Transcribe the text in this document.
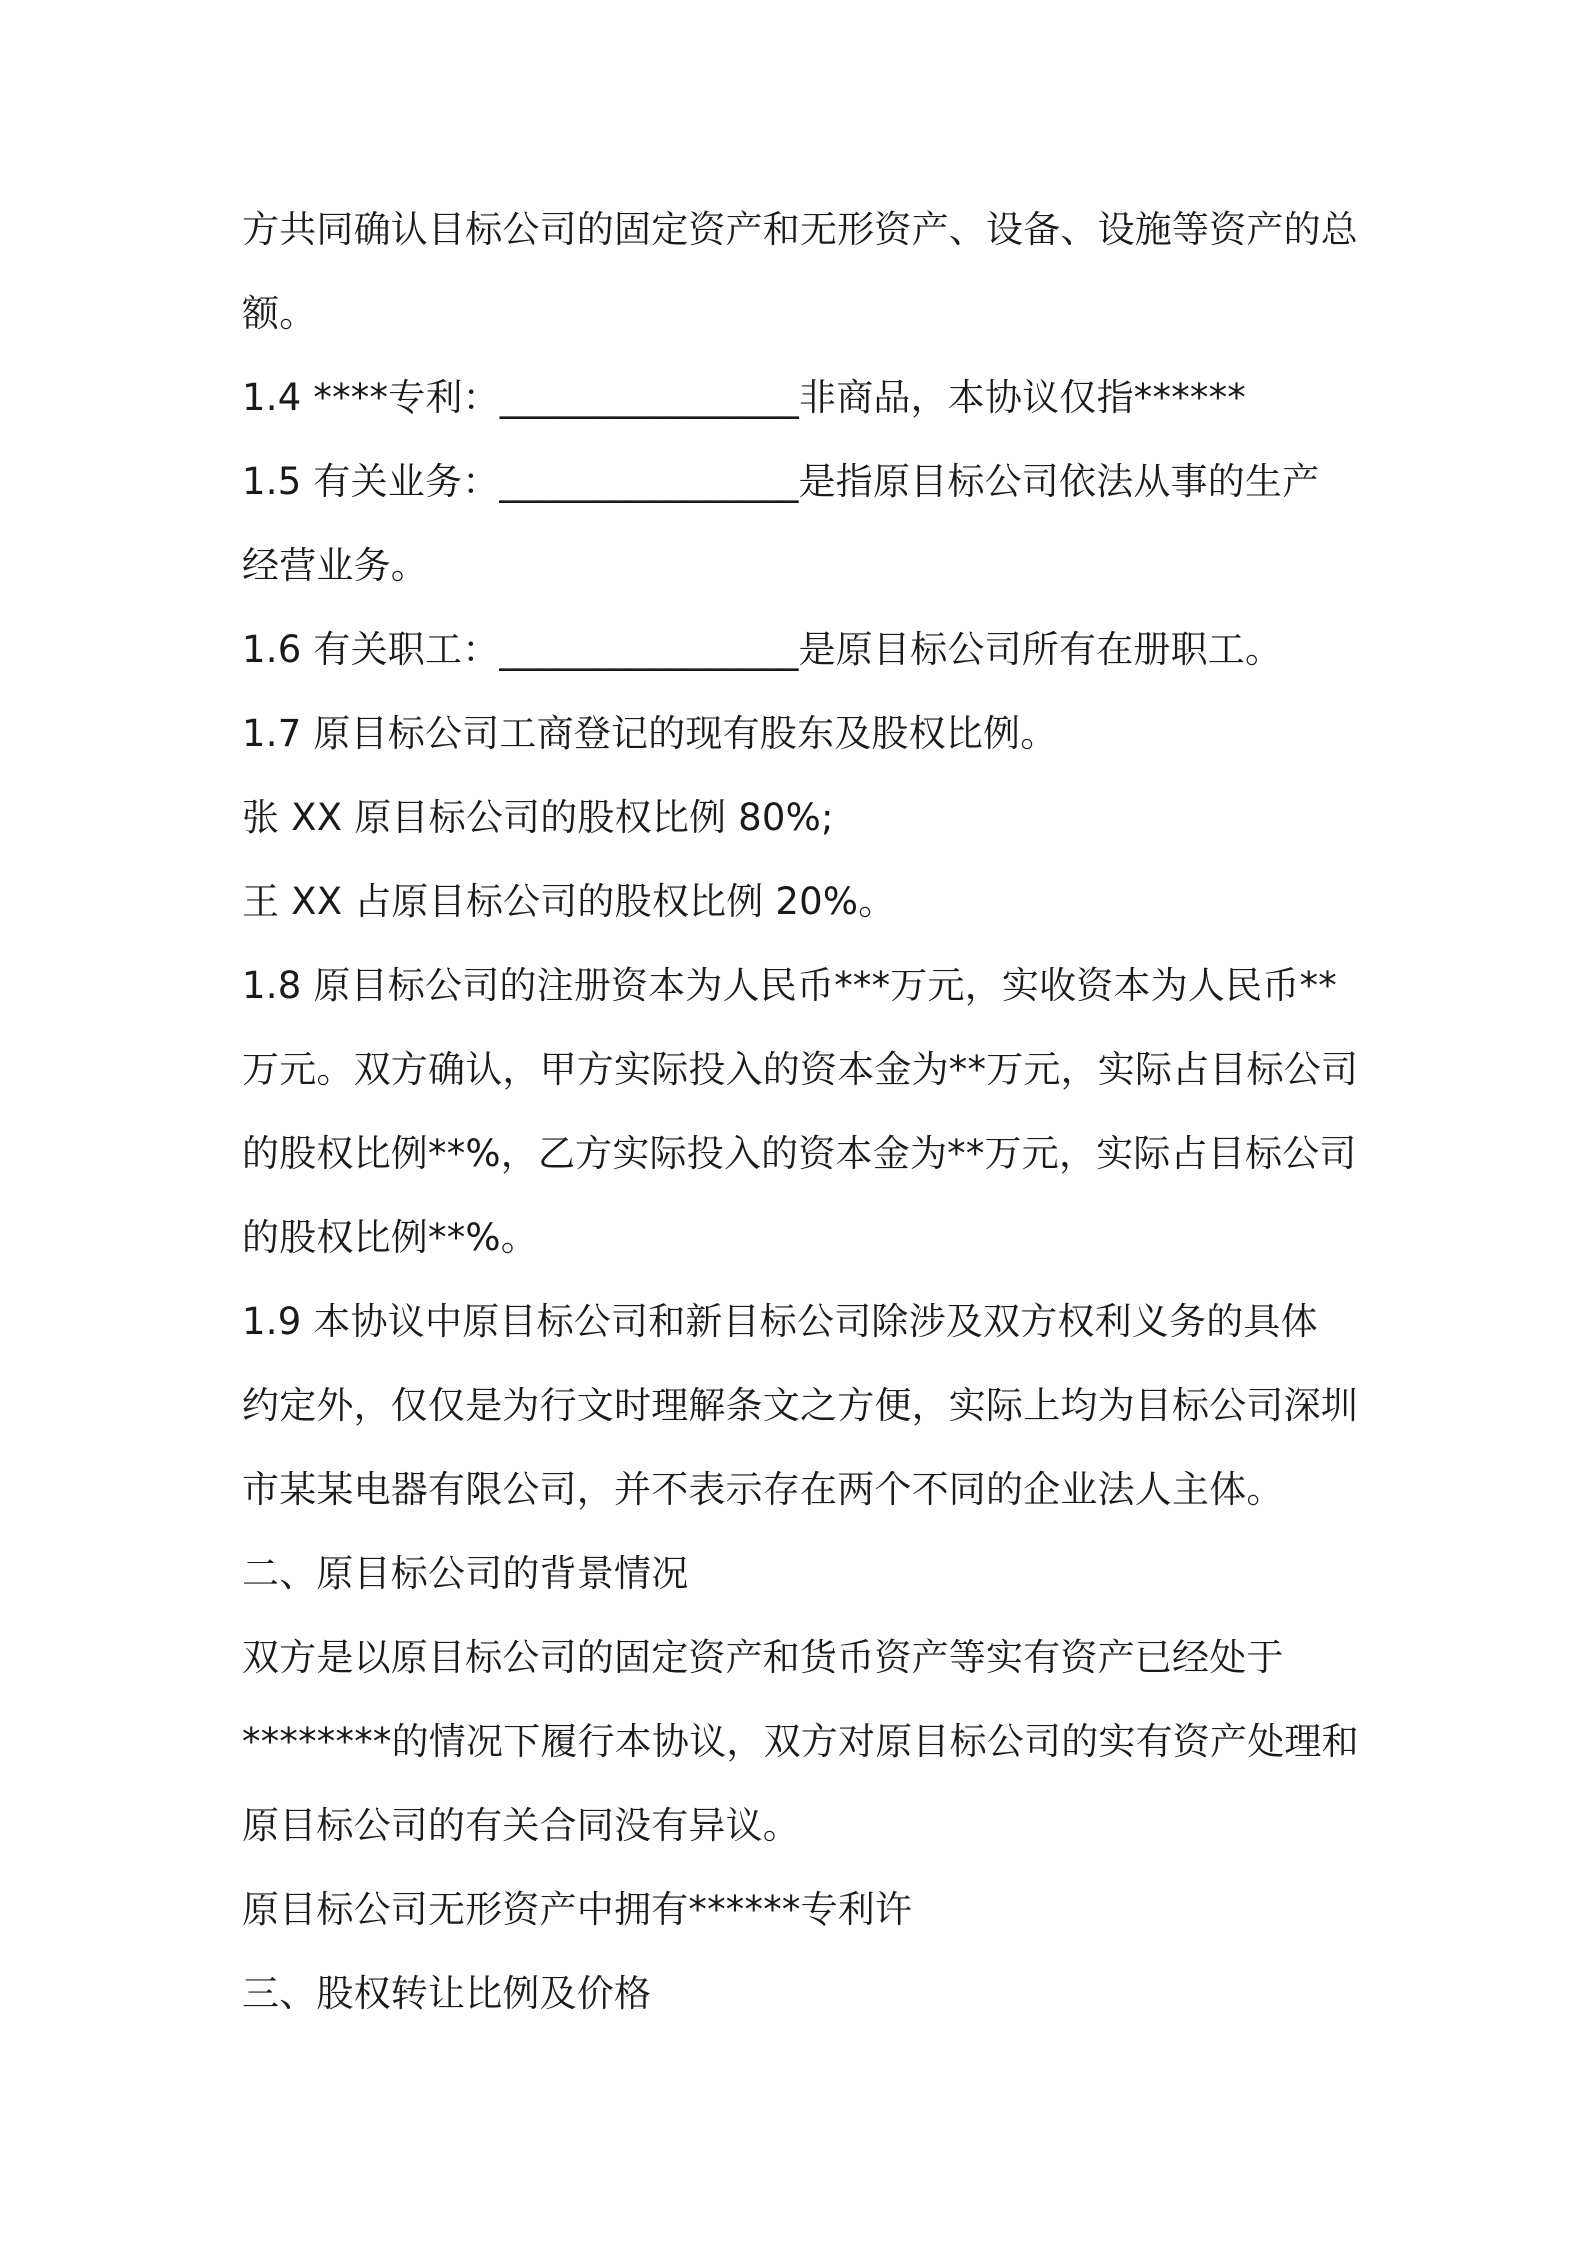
方共同确认目标公司的固定资产和无形资产、设备、设施等资产的总
额。
1.4 ****专利：________________非商品，本协议仅指******
1.5 有关业务：________________是指原目标公司依法从事的生产
经营业务。
1.6 有关职工：________________是原目标公司所有在册职工。
1.7 原目标公司工商登记的现有股东及股权比例。
张 XX 原目标公司的股权比例 80%;
王 XX 占原目标公司的股权比例 20%。
1.8 原目标公司的注册资本为人民币***万元，实收资本为人民币**
万元。双方确认，甲方实际投入的资本金为**万元，实际占目标公司
的股权比例**%，乙方实际投入的资本金为**万元，实际占目标公司
的股权比例**%。
1.9 本协议中原目标公司和新目标公司除涉及双方权利义务的具体
约定外，仅仅是为行文时理解条文之方便，实际上均为目标公司深圳
市某某电器有限公司，并不表示存在两个不同的企业法人主体。
二、原目标公司的背景情况
双方是以原目标公司的固定资产和货币资产等实有资产已经处于
********的情况下履行本协议，双方对原目标公司的实有资产处理和
原目标公司的有关合同没有异议。
原目标公司无形资产中拥有******专利许
三、股权转让比例及价格
